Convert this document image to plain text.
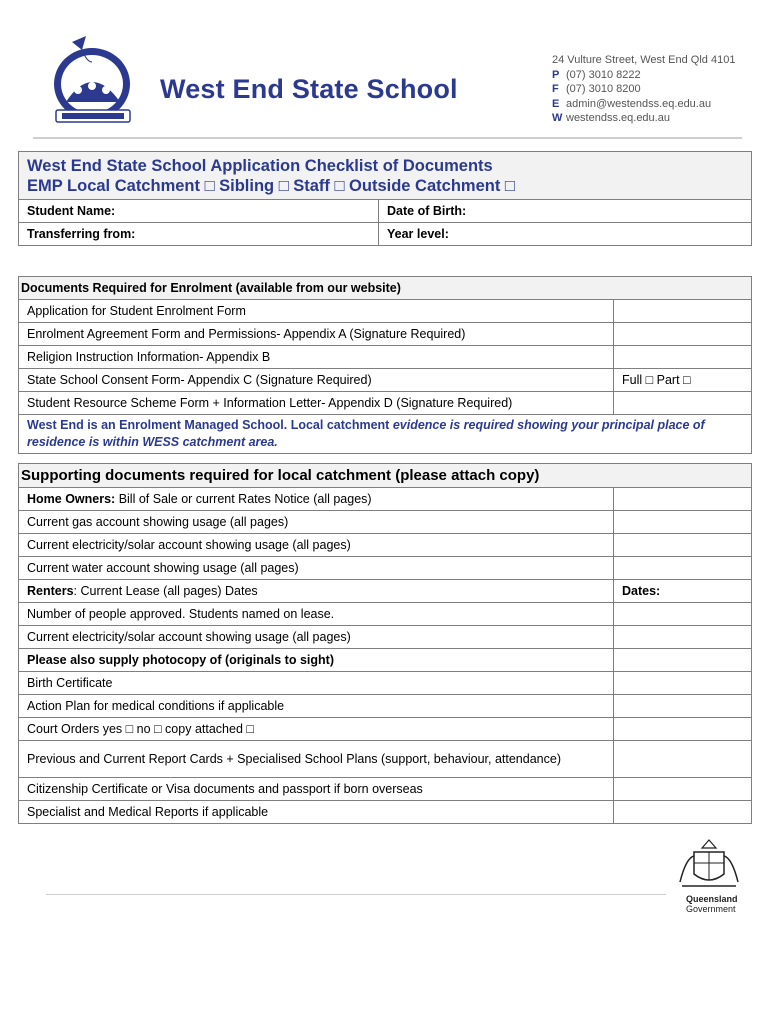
West End State School
24 Vulture Street, West End Qld 4101
P (07) 3010 8222
F (07) 3010 8200
E admin@westendss.eq.edu.au
W westendss.eq.edu.au
West End State School Application Checklist of Documents
EMP Local Catchment □ Sibling □ Staff □ Outside Catchment □
Student Name:	Date of Birth:
Transferring from:	Year level:
Documents Required for Enrolment (available from our website)	
Application for Student Enrolment Form	
Enrolment Agreement Form and Permissions- Appendix A (Signature Required)	
Religion Instruction Information- Appendix B	
State School Consent Form- Appendix C (Signature Required)	Full □ Part □
Student Resource Scheme Form + Information Letter- Appendix D (Signature Required)	
West End is an Enrolment Managed School. Local catchment evidence is required showing your principal place of residence is within WESS catchment area.	
Supporting documents required for local catchment (please attach copy)	
Home Owners: Bill of Sale or current Rates Notice (all pages)	
Current gas account showing usage (all pages)	
Current electricity/solar account showing usage (all pages)	
Current water account showing usage (all pages)	
Renters: Current Lease (all pages) Dates	Dates:
Number of people approved. Students named on lease.	
Current electricity/solar account showing usage (all pages)	
Please also supply photocopy of (originals to sight)	
Birth Certificate	
Action Plan for medical conditions if applicable	
Court Orders yes □ no □ copy attached □	
Previous and Current Report Cards + Specialised School Plans (support, behaviour, attendance)	
Citizenship Certificate or Visa documents and passport if born overseas	
Specialist and Medical Reports if applicable	
Queensland
Government
